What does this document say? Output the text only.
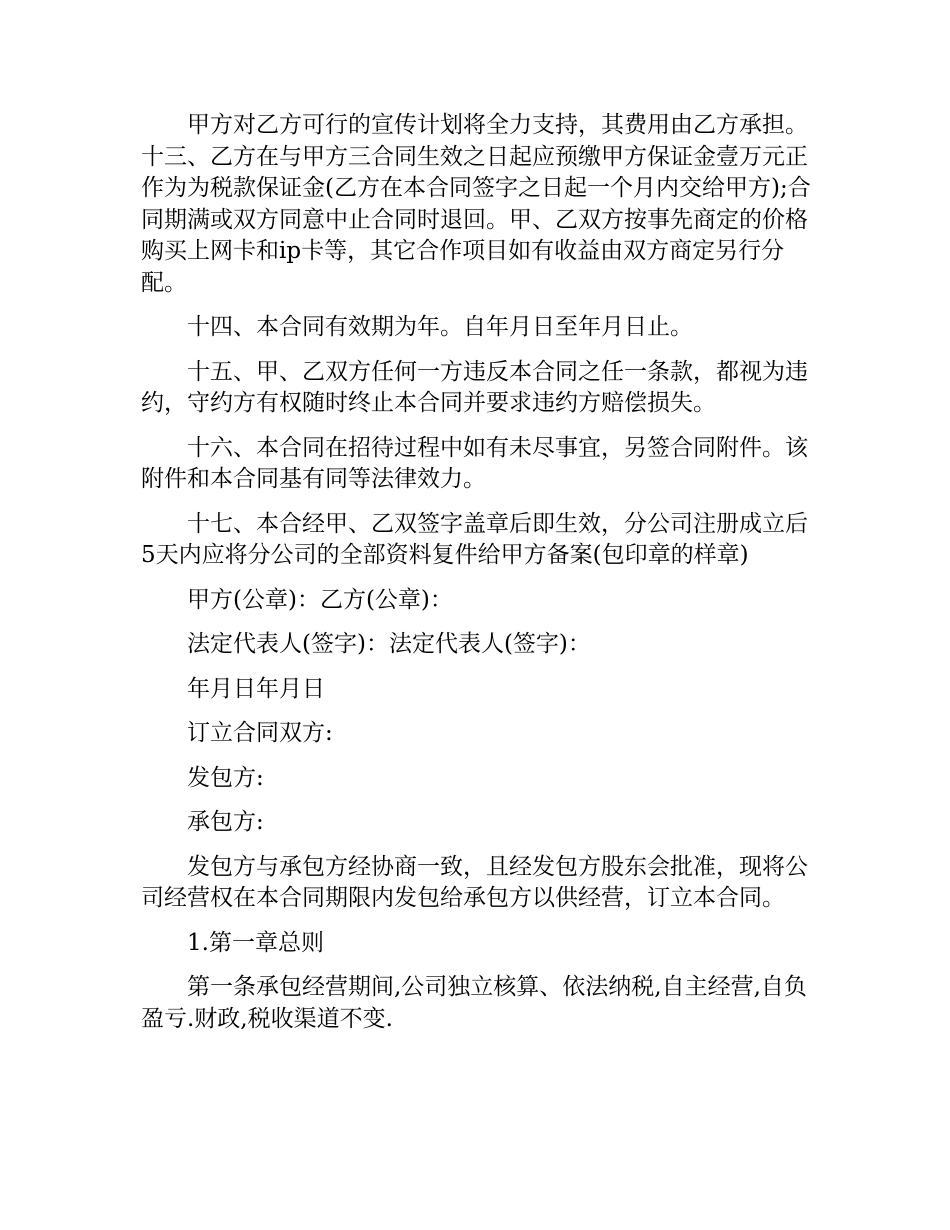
甲方对乙方可行的宣传计划将全力支持，其费用由乙方承担。十三、乙方在与甲方三合同生效之日起应预缴甲方保证金壹万元正作为为税款保证金(乙方在本合同签字之日起一个月内交给甲方);合同期满或双方同意中止合同时退回。甲、乙双方按事先商定的价格购买上网卡和ip卡等，其它合作项目如有收益由双方商定另行分配。

十四、本合同有效期为年。自年月日至年月日止。

十五、甲、乙双方任何一方违反本合同之任一条款，都视为违约，守约方有权随时终止本合同并要求违约方赔偿损失。

十六、本合同在招待过程中如有未尽事宜，另签合同附件。该附件和本合同基有同等法律效力。

十七、本合经甲、乙双签字盖章后即生效，分公司注册成立后5天内应将分公司的全部资料复件给甲方备案(包印章的样章)

甲方(公章)：乙方(公章)：

法定代表人(签字)：法定代表人(签字)：

年月日年月日

订立合同双方:

发包方:

承包方:

发包方与承包方经协商一致，且经发包方股东会批准，现将公司经营权在本合同期限内发包给承包方以供经营，订立本合同。

1.第一章总则

第一条承包经营期间,公司独立核算、依法纳税,自主经营,自负盈亏.财政,税收渠道不变.
